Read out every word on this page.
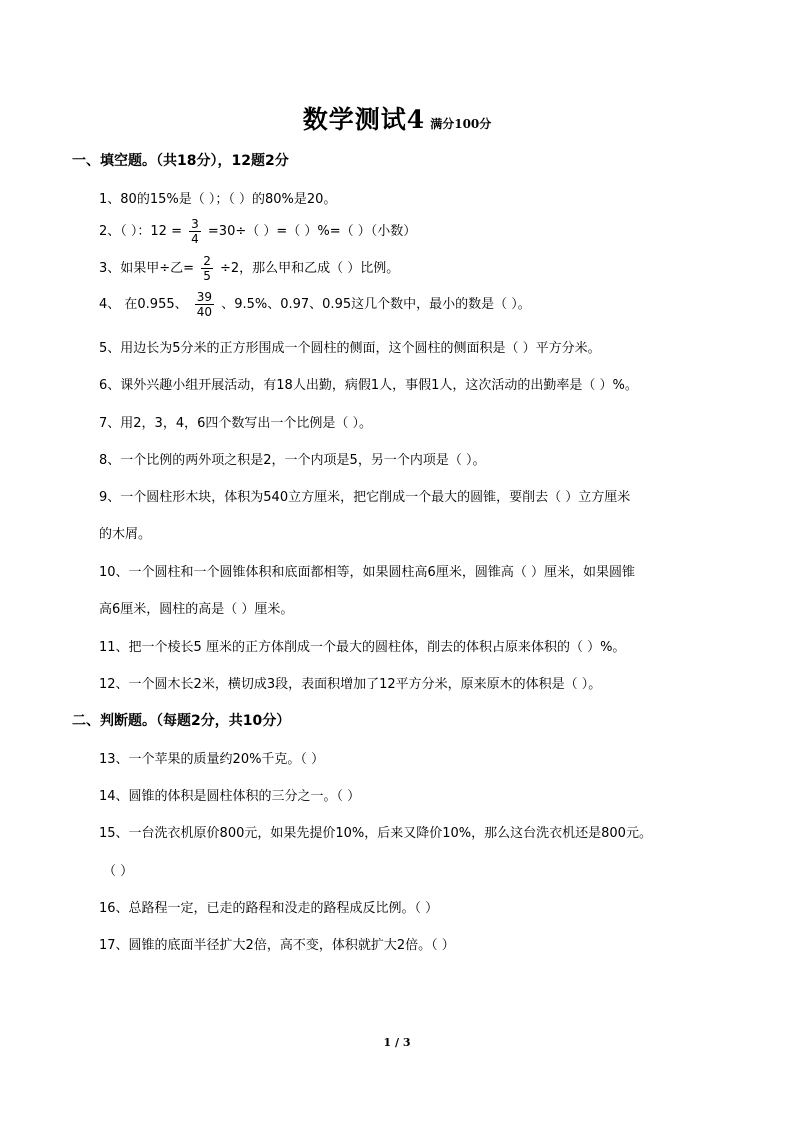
数学测试4 满分100分
一、填空题。（共18分），12题2分
1、80的15%是（ ）；（ ）的80%是20。
2、（ ）：$12 = \frac{3}{4} =30\div$（ ）=（ ）%=（ ）（小数）
3、如果甲÷乙= $\frac{2}{5} \div 2$，那么甲和乙成（ ）比例。
4、 在0.955、 $\frac{39}{40}$ 、9.5%、0.97、0.95这几个数中，最小的数是（ ）。
5、用边长为5分米的正方形围成一个圆柱的侧面，这个圆柱的侧面积是（ ）平方分米。
6、课外兴趣小组开展活动，有18人出勤，病假1人，事假1人，这次活动的出勤率是（ ）%。
7、用2，3，4，6四个数写出一个比例是（ ）。
8、一个比例的两外项之积是2，一个内项是5，另一个内项是（ ）。
9、一个圆柱形木块，体积为540立方厘米，把它削成一个最大的圆锥，要削去（ ）立方厘米
的木屑。
10、一个圆柱和一个圆锥体积和底面都相等，如果圆柱高6厘米，圆锥高（ ）厘米，如果圆锥
高6厘米，圆柱的高是（ ）厘米。
11、把一个棱长5 厘米的正方体削成一个最大的圆柱体，削去的体积占原来体积的（ ）%。
12、一个圆木长2米，横切成3段，表面积增加了12平方分米，原来原木的体积是（ ）。
二、判断题。（每题2分，共10分）
13、一个苹果的质量约20%千克。（ ）
14、圆锥的体积是圆柱体积的三分之一。（ ）
15、一台洗衣机原价800元，如果先提价10%，后来又降价10%，那么这台洗衣机还是800元。
（ ）
16、总路程一定，已走的路程和没走的路程成反比例。（ ）
17、圆锥的底面半径扩大2倍，高不变，体积就扩大2倍。（ ）
1 / 3
